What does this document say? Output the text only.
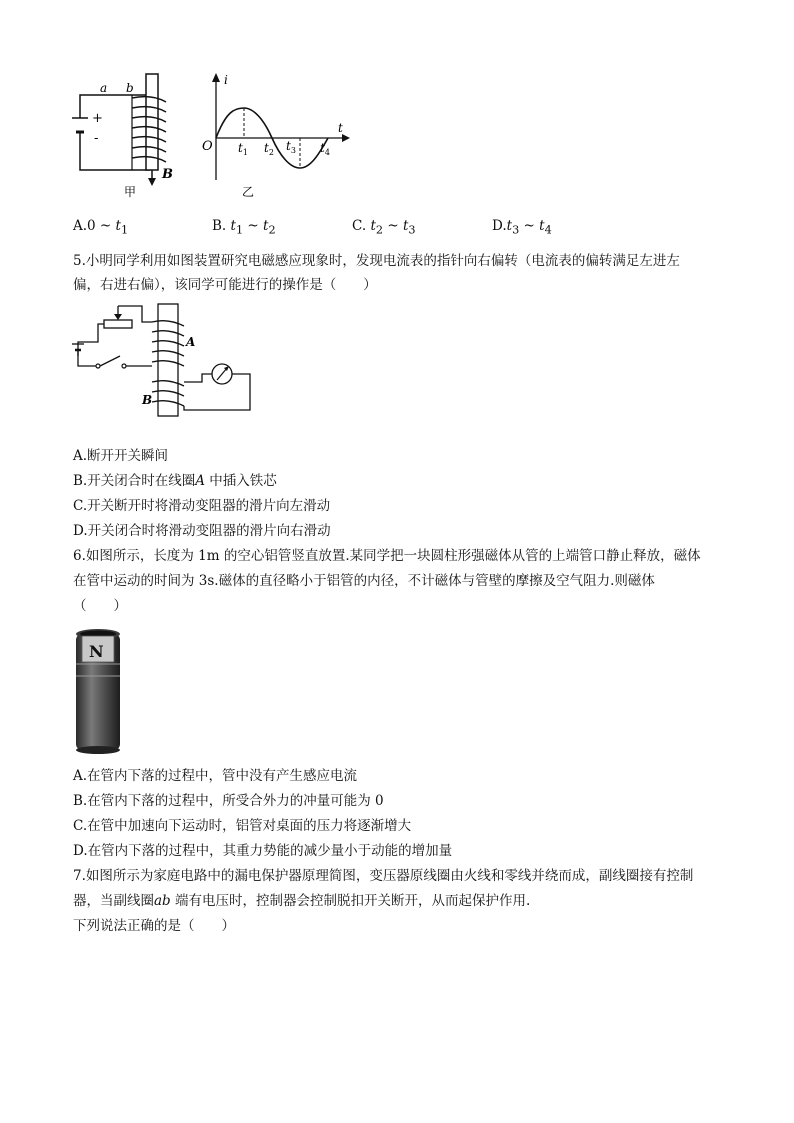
a b
+
-
B
甲
i
t
O $t_1$ $t_2$ $t_3$ $t_4$
乙
A.0 ~ $t_1$	B. $t_1$ ~ $t_2$	C. $t_2$ ~ $t_3$	$D.t_3$ ~ $t_4$
5.小明同学利用如图装置研究电磁感应现象时，发现电流表的指针向右偏转（电流表的偏转满足左进左
偏，右进右偏），该同学可能进行的操作是（　　）
A
B
A.断开开关瞬间
B.开关闭合时在线圈A 中插入铁芯
C.开关断开时将滑动变阻器的滑片向左滑动
D.开关闭合时将滑动变阻器的滑片向右滑动
6.如图所示，长度为 1m 的空心铝管竖直放置.某同学把一块圆柱形强磁体从管的上端管口静止释放，磁体
在管中运动的时间为 3s.磁体的直径略小于铝管的内径，不计磁体与管壁的摩擦及空气阻力.则磁体
（　　）
N
A.在管内下落的过程中，管中没有产生感应电流
B.在管内下落的过程中，所受合外力的冲量可能为 0
C.在管中加速向下运动时，铝管对桌面的压力将逐渐增大
D.在管内下落的过程中，其重力势能的减少量小于动能的增加量
7.如图所示为家庭电路中的漏电保护器原理简图，变压器原线圈由火线和零线并绕而成，副线圈接有控制
器，当副线圈ab 端有电压时，控制器会控制脱扣开关断开，从而起保护作用.
下列说法正确的是（　　）
